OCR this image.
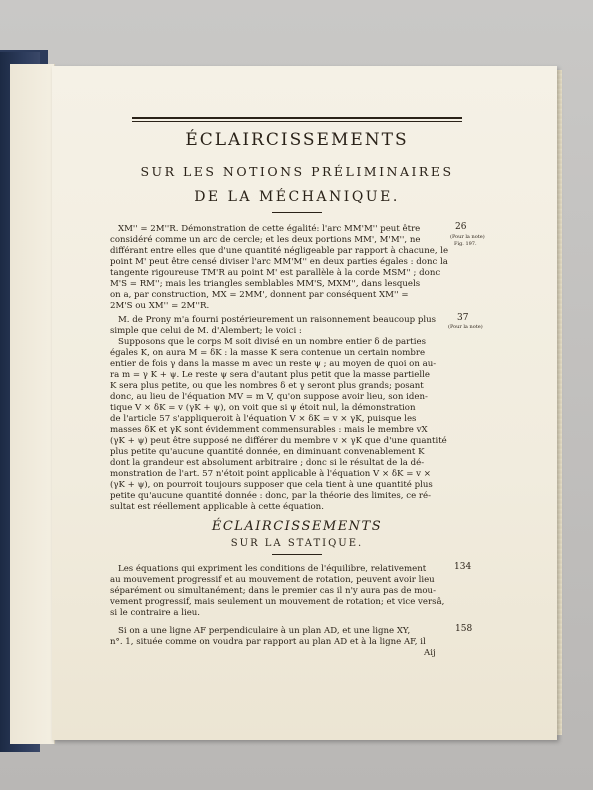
ÉCLAIRCISSEMENTS
SUR LES NOTIONS PRÉLIMINAIRES
DE LA MÉCHANIQUE.
XM'' = 2M''R. Démonstration de cette égalité: l'arc MM'M'' peut être
considéré comme un arc de cercle; et les deux portions MM', M'M'', ne
différant entre elles que d'une quantité négligeable par rapport à chacune, le
point M' peut être censé diviser l'arc MM'M'' en deux parties égales : donc la
tangente rigoureuse TM'R au point M' est parallèle à la corde MSM'' ; donc
M'S = RM''; mais les triangles semblables MM'S, MXM'', dans lesquels
on a, par construction, MX = 2MM', donnent par conséquent XM'' =
2M'S ou XM'' = 2M''R.
26
(Pour la note)
Fig. 197.
M. de Prony m'a fourni postérieurement un raisonnement beaucoup plus
simple que celui de M. d'Alembert; le voici :
Supposons que le corps M soit divisé en un nombre entier δ de parties
égales K, on aura M = δK : la masse K sera contenue un certain nombre
entier de fois γ dans la masse m avec un reste ψ ; au moyen de quoi on au-
ra m = γ K + ψ. Le reste ψ sera d'autant plus petit que la masse partielle
K sera plus petite, ou que les nombres δ et γ seront plus grands; posant
donc, au lieu de l'équation MV = m V, qu'on suppose avoir lieu, son iden-
tique V × δK = v (γK + ψ), on voit que si ψ étoit nul, la démonstration
de l'article 57 s'appliqueroit à l'équation V × δK = v × γK, puisque les
masses δK et γK sont évidemment commensurables : mais le membre vX
(γK + ψ) peut être supposé ne différer du membre v × γK que d'une quantité
plus petite qu'aucune quantité donnée, en diminuant convenablement K
dont la grandeur est absolument arbitraire ; donc si le résultat de la dé-
monstration de l'art. 57 n'étoit point applicable à l'équation V × δK = v ×
(γK + ψ), on pourroit toujours supposer que cela tient à une quantité plus
petite qu'aucune quantité donnée : donc, par la théorie des limites, ce ré-
sultat est réellement applicable à cette équation.
37
(Pour la note)
ÉCLAIRCISSEMENTS
SUR LA STATIQUE.
Les équations qui expriment les conditions de l'équilibre, relativement
au mouvement progressif et au mouvement de rotation, peuvent avoir lieu
séparément ou simultanément; dans le premier cas il n'y aura pas de mou-
vement progressif, mais seulement un mouvement de rotation; et vice versâ,
si le contraire a lieu.
134
Si on a une ligne AF perpendiculaire à un plan AD, et une ligne XY,
n°. 1, située comme on voudra par rapport au plan AD et à la ligne AF, il
158
Aij
